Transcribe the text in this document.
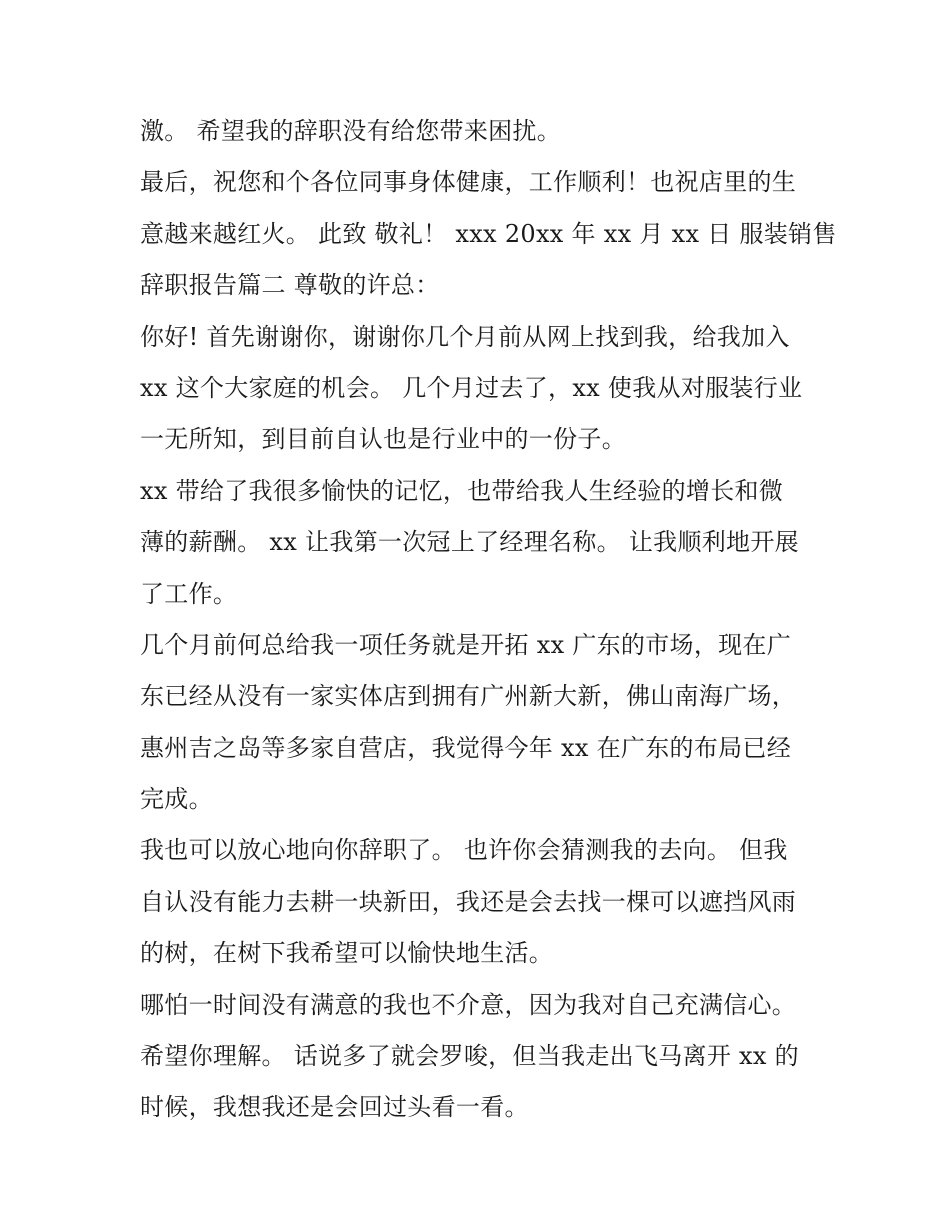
激。 希望我的辞职没有给您带来困扰。
最后，祝您和个各位同事身体健康，工作顺利！也祝店里的生
意越来越红火。 此致 敬礼！ xxx 20xx 年 xx 月 xx 日 服装销售
辞职报告篇二 尊敬的许总：
你好! 首先谢谢你，谢谢你几个月前从网上找到我，给我加入
xx 这个大家庭的机会。 几个月过去了，xx 使我从对服装行业
一无所知，到目前自认也是行业中的一份子。
xx 带给了我很多愉快的记忆，也带给我人生经验的增长和微
薄的薪酬。 xx 让我第一次冠上了经理名称。 让我顺利地开展
了工作。
几个月前何总给我一项任务就是开拓 xx 广东的市场，现在广
东已经从没有一家实体店到拥有广州新大新，佛山南海广场，
惠州吉之岛等多家自营店，我觉得今年 xx 在广东的布局已经
完成。
我也可以放心地向你辞职了。 也许你会猜测我的去向。 但我
自认没有能力去耕一块新田，我还是会去找一棵可以遮挡风雨
的树，在树下我希望可以愉快地生活。
哪怕一时间没有满意的我也不介意，因为我对自己充满信心。
希望你理解。 话说多了就会罗唆，但当我走出飞马离开 xx 的
时候，我想我还是会回过头看一看。
